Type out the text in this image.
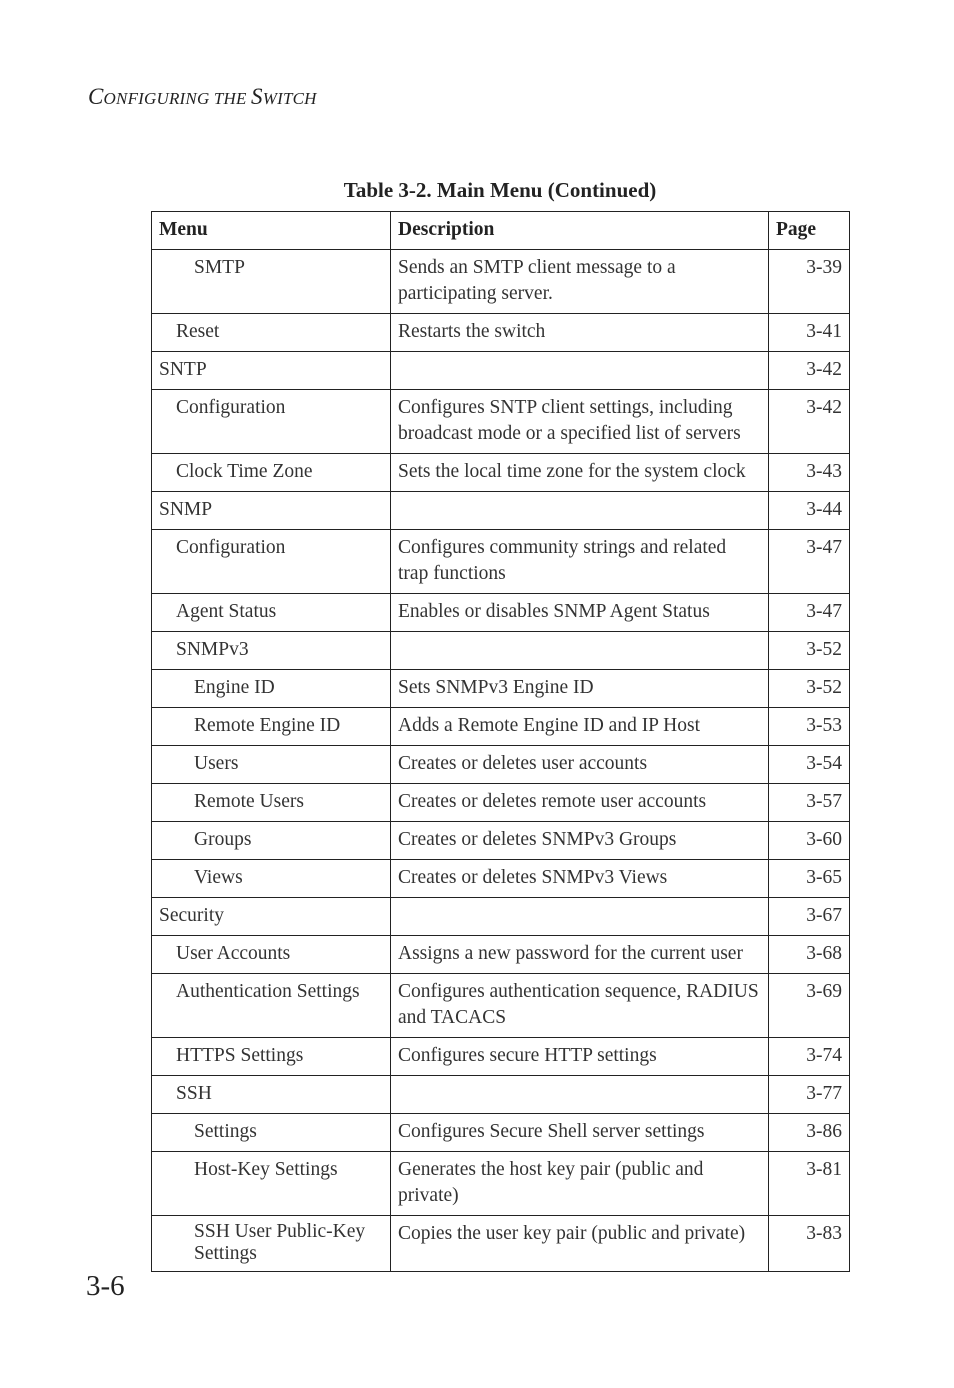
CONFIGURING THE SWITCH
Table 3-2. Main Menu (Continued)
Menu	Description	Page

SMTP	Sends an SMTP client message to a participating server.	3-39

Reset	Restarts the switch	3-41

SNTP		3-42

Configuration	Configures SNTP client settings, including broadcast mode or a specified list of servers	3-42

Clock Time Zone	Sets the local time zone for the system clock	3-43

SNMP		3-44

Configuration	Configures community strings and related trap functions	3-47

Agent Status	Enables or disables SNMP Agent Status	3-47

SNMPv3		3-52

Engine ID	Sets SNMPv3 Engine ID	3-52

Remote Engine ID	Adds a Remote Engine ID and IP Host	3-53

Users	Creates or deletes user accounts	3-54

Remote Users	Creates or deletes remote user accounts	3-57

Groups	Creates or deletes SNMPv3 Groups	3-60

Views	Creates or deletes SNMPv3 Views	3-65

Security		3-67

User Accounts	Assigns a new password for the current user	3-68

Authentication Settings	Configures authentication sequence, RADIUS and TACACS	3-69

HTTPS Settings	Configures secure HTTP settings	3-74

SSH		3-77

Settings	Configures Secure Shell server settings	3-86

Host-Key Settings	Generates the host key pair (public and private)	3-81

SSH User Public-Key Settings	Copies the user key pair (public and private)	3-83
3-6
